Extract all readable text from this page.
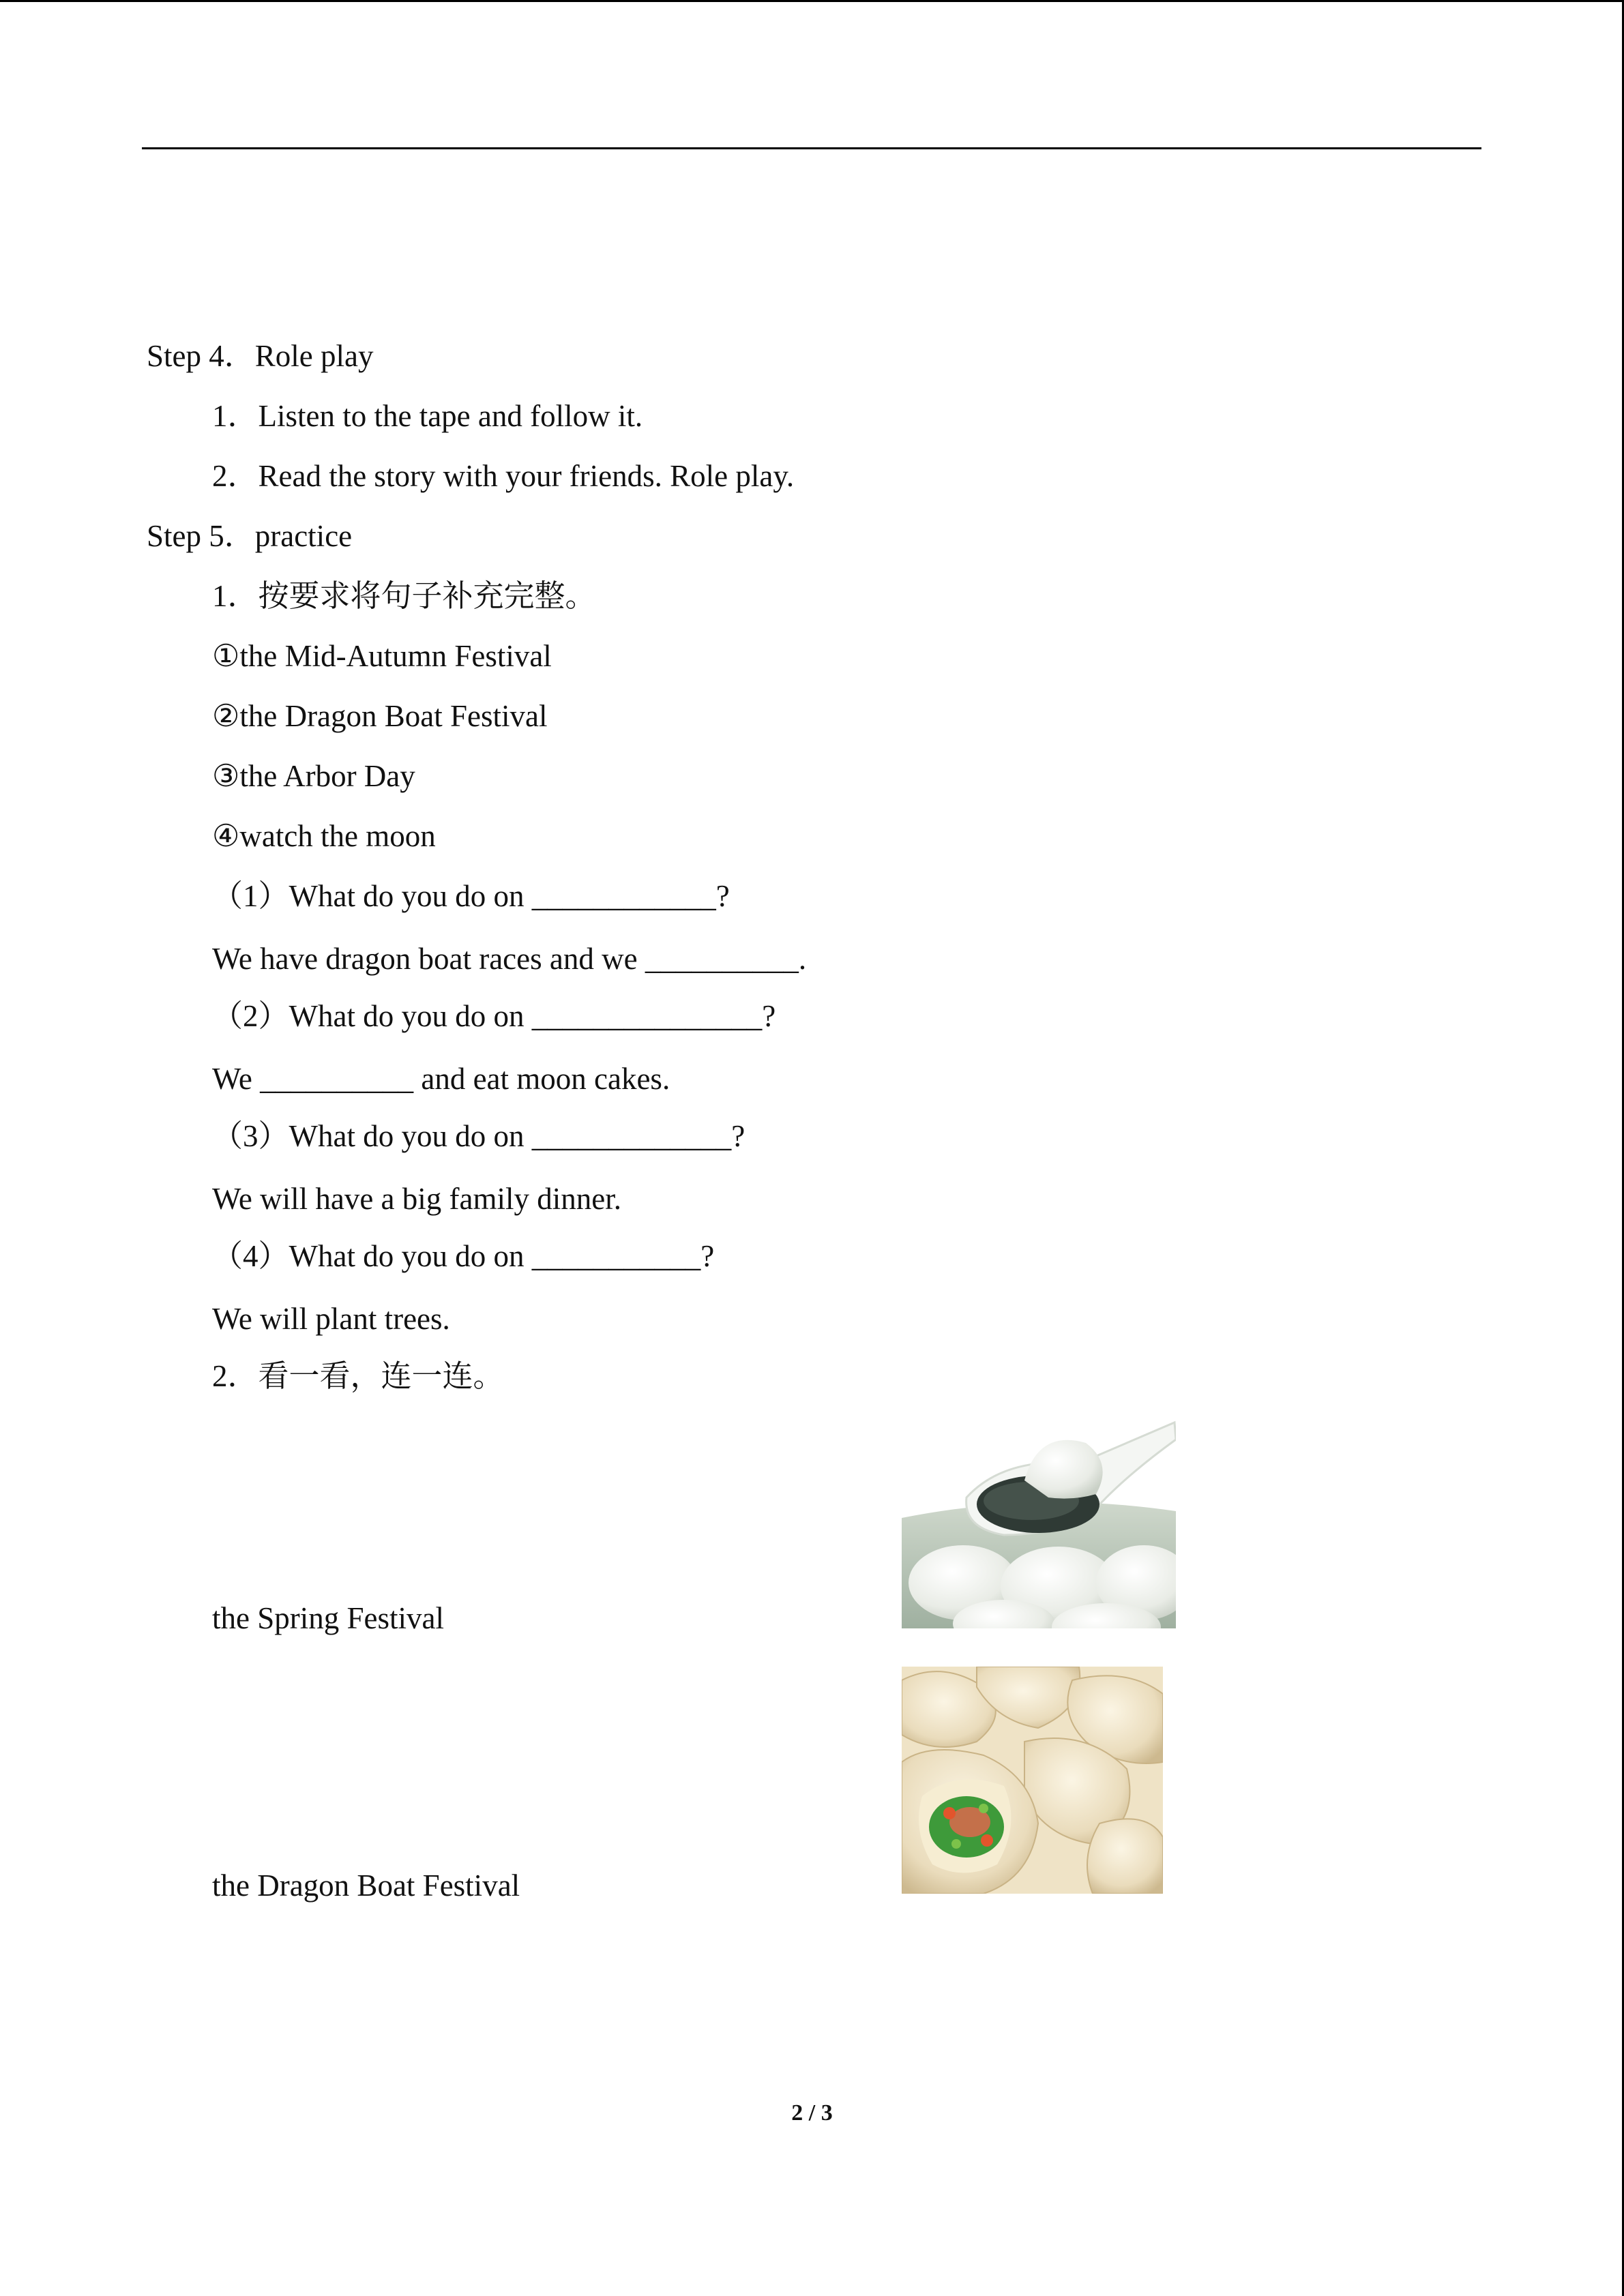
Step 4．Role play
1．Listen to the tape and follow it.
2．Read the story with your friends. Role play.
Step 5．practice
1．按要求将句子补充完整。
①the Mid-Autumn Festival
②the Dragon Boat Festival
③the Arbor Day
④watch the moon
（1）What do you do on ____________?
We have dragon boat races and we __________.
（2）What do you do on _______________?
We __________ and eat moon cakes.
（3）What do you do on _____________?
We will have a big family dinner.
（4）What do you do on ___________?
We will plant trees.
2．看一看，连一连。
the Spring Festival
the Dragon Boat Festival
2 / 3
